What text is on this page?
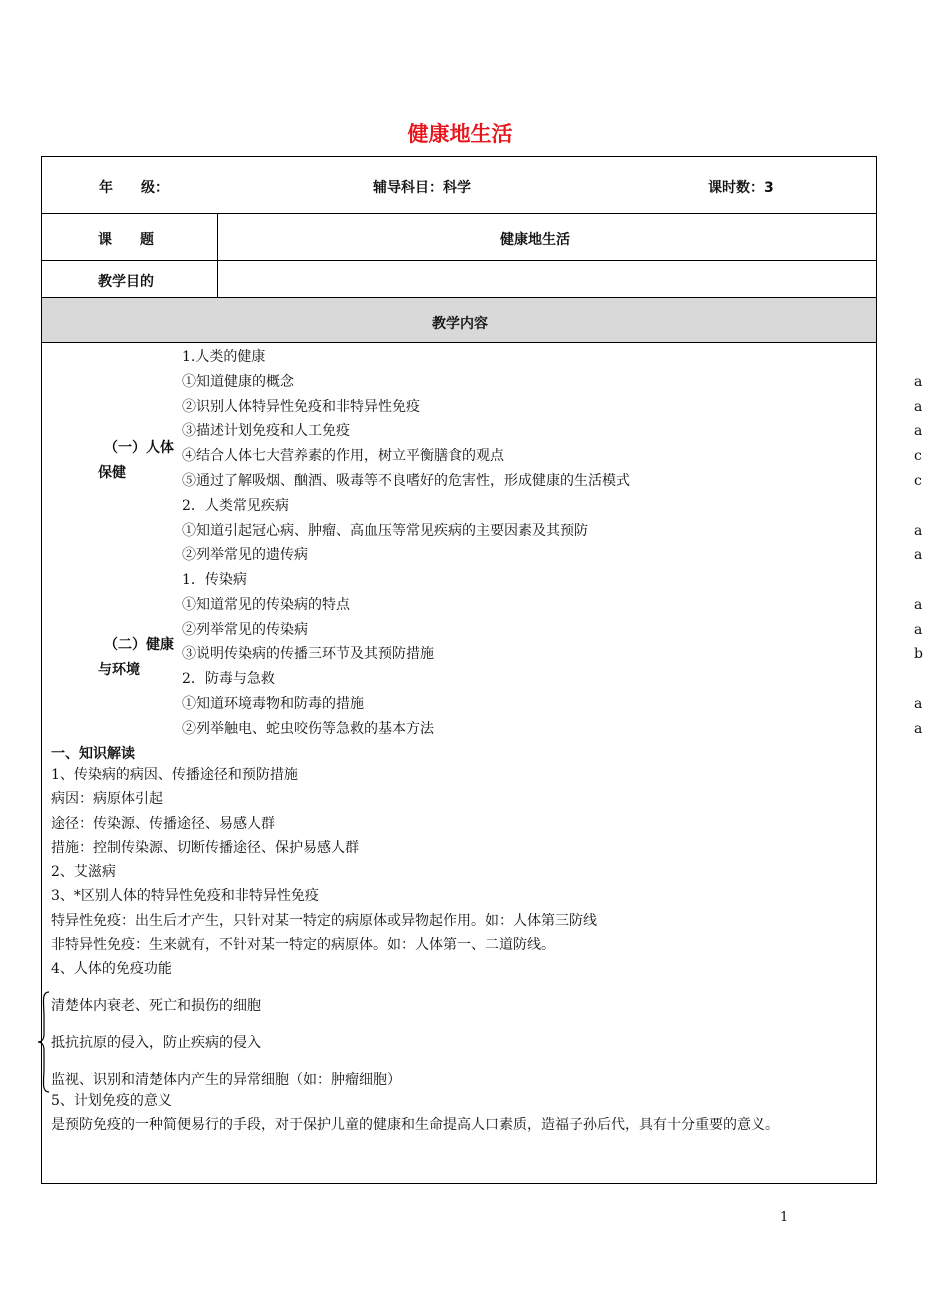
健康地生活
年　　级：	辅导科目：科学	课时数：3
课　　题	健康地生活
教学目的
教学内容
（一）人体
保健
1.人类的健康
①知道健康的概念	a
②识别人体特异性免疫和非特异性免疫	a
③描述计划免疫和人工免疫	a
④结合人体七大营养素的作用，树立平衡膳食的观点	c
⑤通过了解吸烟、酗酒、吸毒等不良嗜好的危害性，形成健康的生活模式	c
2．人类常见疾病
①知道引起冠心病、肿瘤、高血压等常见疾病的主要因素及其预防	a
②列举常见的遗传病	a
（二）健康
与环境
1．传染病
①知道常见的传染病的特点	a
②列举常见的传染病	a
③说明传染病的传播三环节及其预防措施	b
2．防毒与急救
①知道环境毒物和防毒的措施	a
②列举触电、蛇虫咬伤等急救的基本方法	a
一、知识解读
1、传染病的病因、传播途径和预防措施
病因：病原体引起
途径：传染源、传播途径、易感人群
措施：控制传染源、切断传播途径、保护易感人群
2、艾滋病
3、*区别人体的特异性免疫和非特异性免疫
特异性免疫：出生后才产生，只针对某一特定的病原体或异物起作用。如：人体第三防线
非特异性免疫：生来就有，不针对某一特定的病原体。如：人体第一、二道防线。
4、人体的免疫功能
清楚体内衰老、死亡和损伤的细胞
抵抗抗原的侵入，防止疾病的侵入
监视、识别和清楚体内产生的异常细胞（如：肿瘤细胞）
5、计划免疫的意义
是预防免疫的一种简便易行的手段，对于保护儿童的健康和生命提高人口素质，造福子孙后代，具有十分重要的意义。
1
